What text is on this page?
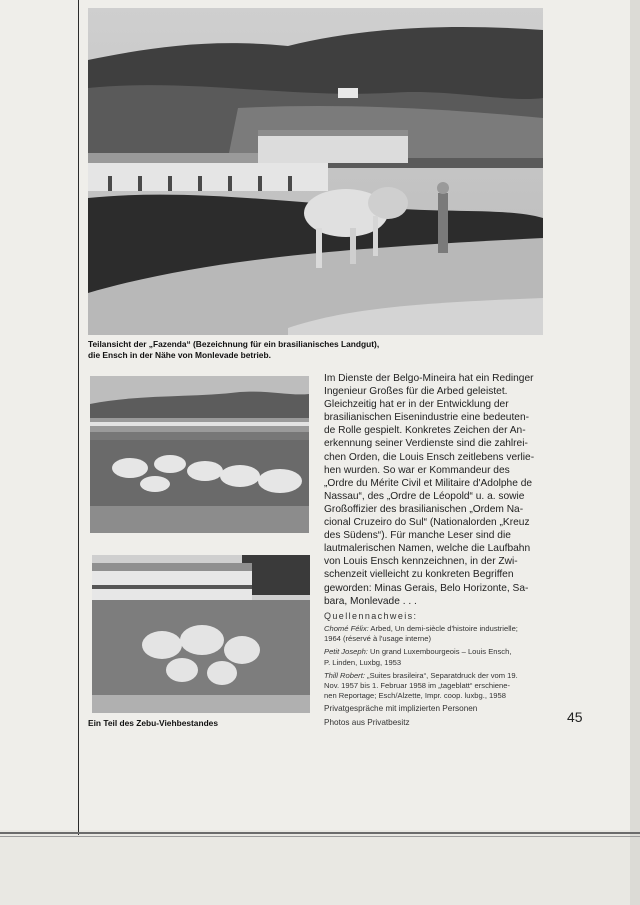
Teilansicht der „Fazenda“ (Bezeichnung für ein brasilianisches Landgut),
die Ensch in der Nähe von Monlevade betrieb.
Ein Teil des Zebu-Viehbestandes
Im Dienste der Belgo-Mineira hat ein Redinger
Ingenieur Großes für die Arbed geleistet.
Gleichzeitig hat er in der Entwicklung der
brasilianischen Eisenindustrie eine bedeuten-
de Rolle gespielt. Konkretes Zeichen der An-
erkennung seiner Verdienste sind die zahlrei-
chen Orden, die Louis Ensch zeitlebens verlie-
hen wurden. So war er Kommandeur des
„Ordre du Mérite Civil et Militaire d'Adolphe de
Nassau“, des „Ordre de Léopold“ u. a. sowie
Großoffizier des brasilianischen „Ordem Na-
cional Cruzeiro do Sul“ (Nationalorden „Kreuz
des Südens“). Für manche Leser sind die
lautmalerischen Namen, welche die Laufbahn
von Louis Ensch kennzeichnen, in der Zwi-
schenzeit vielleicht zu konkreten Begriffen
geworden: Minas Gerais, Belo Horizonte, Sa-
bara, Monlevade . . .
Quellennachweis:
Chomé Félix: Arbed, Un demi-siècle d'histoire industrielle;
1964 (réservé à l'usage interne)
Petit Joseph: Un grand Luxembourgeois – Louis Ensch,
P. Linden, Luxbg, 1953
Thill Robert: „Suites brasileira“, Separatdruck der vom 19.
Nov. 1957 bis 1. Februar 1958 im „tageblatt“ erschiene-
nen Reportage; Esch/Alzette, Impr. coop. luxbg., 1958
Privatgespräche mit implizierten Personen
Photos aus Privatbesitz	45
